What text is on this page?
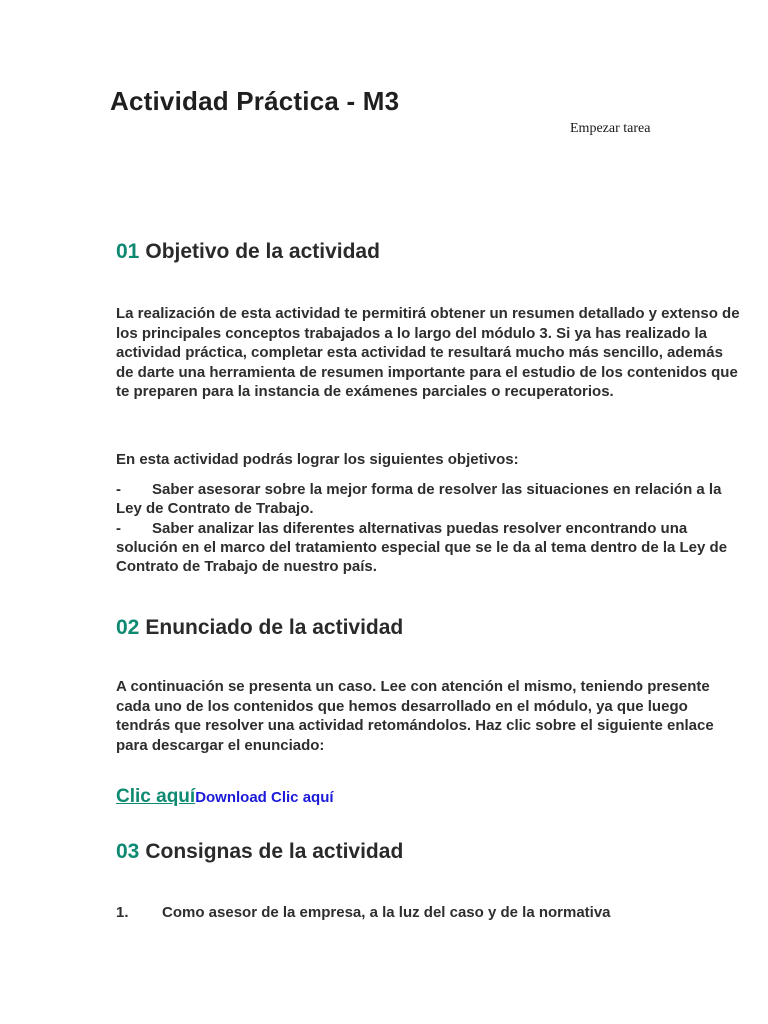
Actividad Práctica - M3
Empezar tarea
01 Objetivo de la actividad

La realización de esta actividad te permitirá obtener un resumen detallado y extenso de los principales conceptos trabajados a lo largo del módulo 3. Si ya has realizado la actividad práctica, completar esta actividad te resultará mucho más sencillo, además de darte una herramienta de resumen importante para el estudio de los contenidos que te preparen para la instancia de exámenes parciales o recuperatorios.

En esta actividad podrás lograr los siguientes objetivos:

- Saber asesorar sobre la mejor forma de resolver las situaciones en relación a la Ley de Contrato de Trabajo.

- Saber analizar las diferentes alternativas puedas resolver encontrando una solución en el marco del tratamiento especial que se le da al tema dentro de la Ley de Contrato de Trabajo de nuestro país.

02 Enunciado de la actividad

A continuación se presenta un caso. Lee con atención el mismo, teniendo presente cada uno de los contenidos que hemos desarrollado en el módulo, ya que luego tendrás que resolver una actividad retomándolos. Haz clic sobre el siguiente enlace para descargar el enunciado:

Clic aquíDownload Clic aquí
03 Consignas de la actividad

1. Como asesor de la empresa, a la luz del caso y de la normativa
